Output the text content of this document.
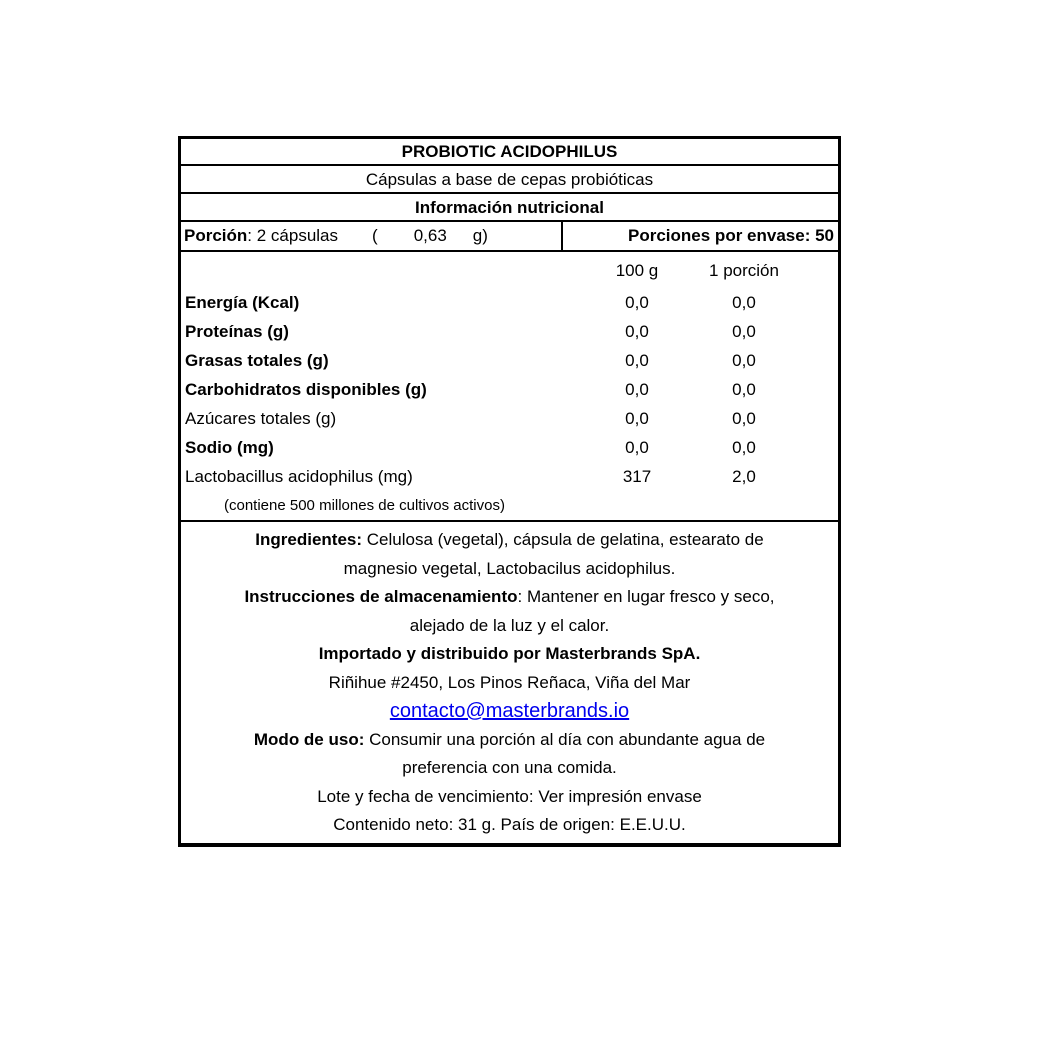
PROBIOTIC ACIDOPHILUS
Cápsulas a base de cepas probióticas
Información nutricional
Porción: 2 cápsulas ( 0,63 g)	Porciones por envase: 50
100 g	1 porción
Energía (Kcal)	0,0	0,0
Proteínas (g)	0,0	0,0
Grasas totales (g)	0,0	0,0
Carbohidratos disponibles (g)	0,0	0,0
Azúcares totales (g)	0,0	0,0
Sodio (mg)	0,0	0,0
Lactobacillus acidophilus (mg)	317	2,0
(contiene 500 millones de cultivos activos)
Ingredientes: Celulosa (vegetal), cápsula de gelatina, estearato de
magnesio vegetal, Lactobacilus acidophilus.
Instrucciones de almacenamiento: Mantener en lugar fresco y seco,
alejado de la luz y el calor.
Importado y distribuido por Masterbrands SpA.
Riñihue #2450, Los Pinos Reñaca, Viña del Mar
contacto@masterbrands.io
Modo de uso: Consumir una porción al día con abundante agua de
preferencia con una comida.
Lote y fecha de vencimiento: Ver impresión envase
Contenido neto: 31 g. País de origen: E.E.U.U.
